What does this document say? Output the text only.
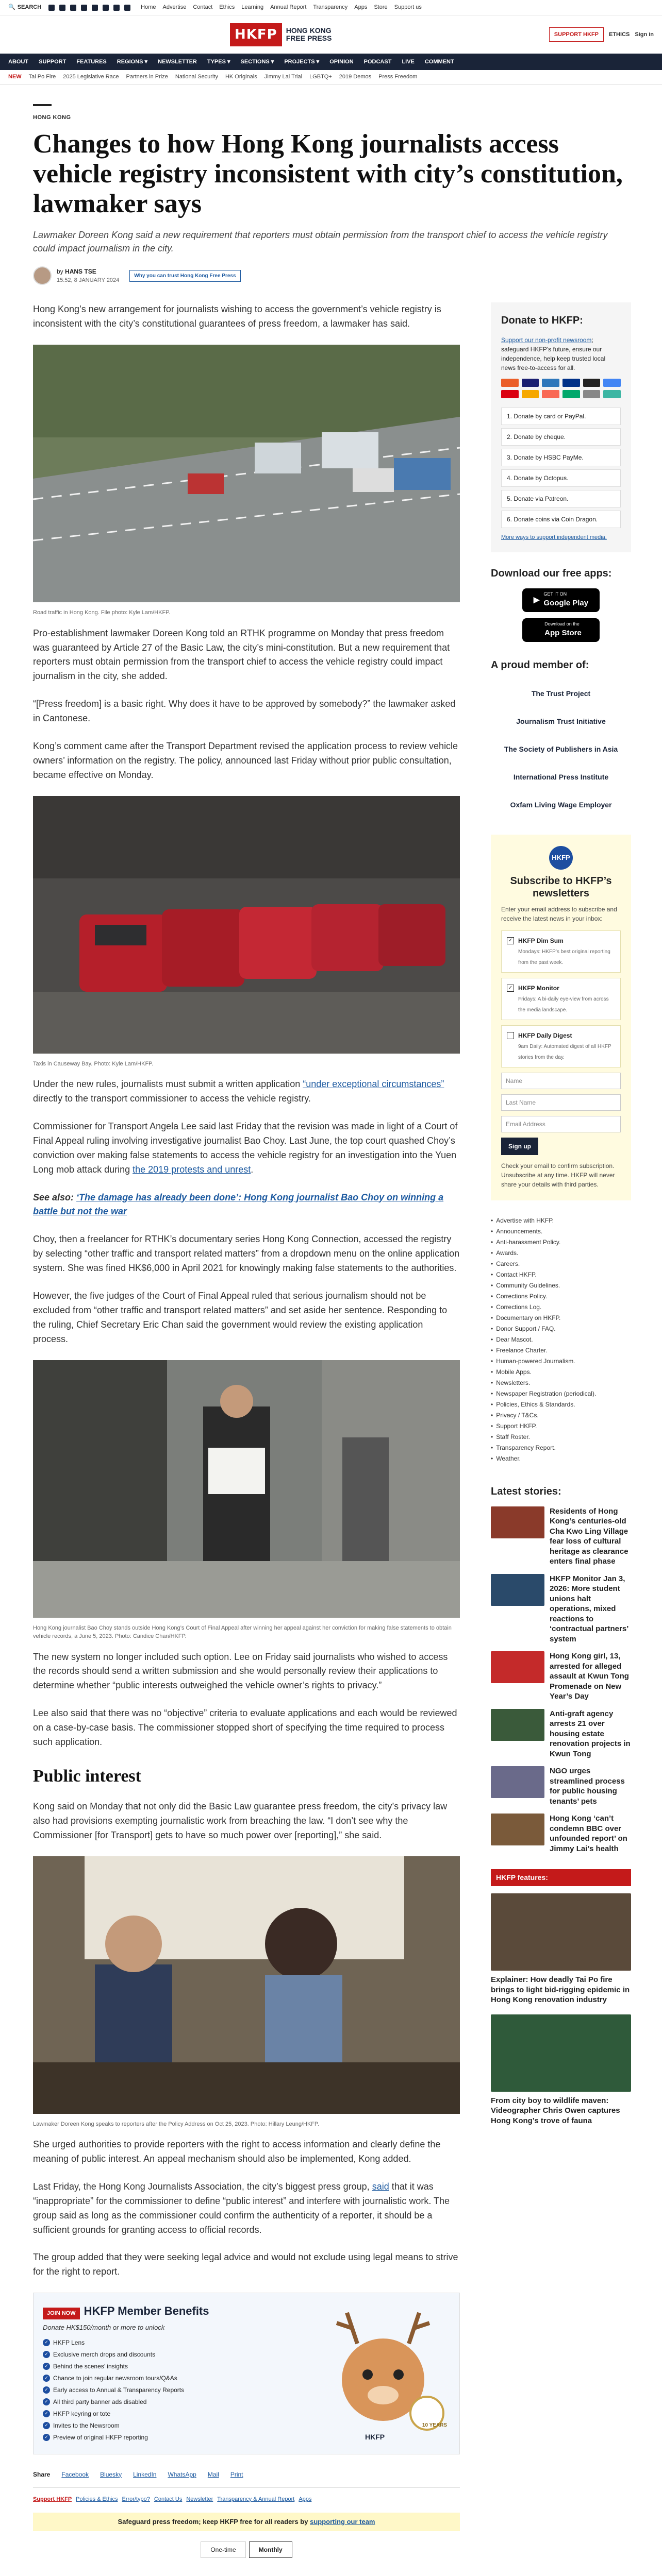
🔍 SEARCH	Home Advertise Contact Ethics Learning Annual Report Transparency Apps Store Support us
HKFP	HONG KONG
FREE PRESS	SUPPORT HKFP	ETHICS Sign in
ABOUT SUPPORT FEATURES REGIONS ▾ NEWSLETTER TYPES ▾ SECTIONS ▾ PROJECTS ▾ OPINION PODCAST LIVE COMMENT
NEW Tai Po Fire 2025 Legislative Race Partners in Prize National Security HK Originals Jimmy Lai Trial LGBTQ+ 2019 Demos Press Freedom
HONG KONG
Changes to how Hong Kong journalists access vehicle registry inconsistent with city’s constitution, lawmaker says
Lawmaker Doreen Kong said a new requirement that reporters must obtain permission from the transport chief to access the vehicle registry could impact journalism in the city.
by HANS TSE
15:52, 8 JANUARY 2024
Why you can trust Hong Kong Free Press

Hong Kong’s new arrangement for journalists wishing to access the government’s vehicle registry is inconsistent with the city’s constitutional guarantees of press freedom, a lawmaker has said.

Road traffic in Hong Kong. File photo: Kyle Lam/HKFP.

Pro-establishment lawmaker Doreen Kong told an RTHK programme on Monday that press freedom was guaranteed by Article 27 of the Basic Law, the city’s mini-constitution. But a new requirement that reporters must obtain permission from the transport chief to access the vehicle registry could impact journalism in the city, she added.

“[Press freedom] is a basic right. Why does it have to be approved by somebody?” the lawmaker asked in Cantonese.

Kong’s comment came after the Transport Department revised the application process to review vehicle owners’ information on the registry. The policy, announced last Friday without prior public consultation, became effective on Monday.

Taxis in Causeway Bay. Photo: Kyle Lam/HKFP.

Under the new rules, journalists must submit a written application “under exceptional circumstances” directly to the transport commissioner to access the vehicle registry.

Commissioner for Transport Angela Lee said last Friday that the revision was made in light of a Court of Final Appeal ruling involving investigative journalist Bao Choy. Last June, the top court quashed Choy’s conviction over making false statements to access the vehicle registry for an investigation into the Yuen Long mob attack during the 2019 protests and unrest.

See also: ‘The damage has already been done’: Hong Kong journalist Bao Choy on winning a battle but not the war

Choy, then a freelancer for RTHK’s documentary series Hong Kong Connection, accessed the registry by selecting “other traffic and transport related matters” from a dropdown menu on the online application system. She was fined HK$6,000 in April 2021 for knowingly making false statements to the authorities.

However, the five judges of the Court of Final Appeal ruled that serious journalism should not be excluded from “other traffic and transport related matters” and set aside her sentence. Responding to the ruling, Chief Secretary Eric Chan said the government would review the existing application process.

Hong Kong journalist Bao Choy stands outside Hong Kong’s Court of Final Appeal after winning her appeal against her conviction for making false statements to obtain vehicle records, a June 5, 2023. Photo: Candice Chan/HKFP.

The new system no longer included such option. Lee on Friday said journalists who wished to access the records should send a written submission and she would personally review their applications to determine whether “public interests outweighed the vehicle owner’s rights to privacy.”

Lee also said that there was no “objective” criteria to evaluate applications and each would be reviewed on a case-by-case basis. The commissioner stopped short of specifying the time required to process such application.

Public interest

Kong said on Monday that not only did the Basic Law guarantee press freedom, the city’s privacy law also had provisions exempting journalistic work from breaching the law. “I don’t see why the Commissioner [for Transport] gets to have so much power over [reporting],” she said.

Lawmaker Doreen Kong speaks to reporters after the Policy Address on Oct 25, 2023. Photo: Hillary Leung/HKFP.

She urged authorities to provide reporters with the right to access information and clearly define the meaning of public interest. An appeal mechanism should also be implemented, Kong added.

Last Friday, the Hong Kong Journalists Association, the city’s biggest press group, said that it was “inappropriate” for the commissioner to define “public interest” and interfere with journalistic work. The group said as long as the commissioner could confirm the authenticity of a reporter, it should be a sufficient grounds for granting access to official records.

The group added that they were seeking legal advice and would not exclude using legal means to strive for the right to report.

JOIN NOW HKFP Member Benefits
Donate HK$150/month or more to unlock
✓ HKFP Lens
✓ Exclusive merch drops and discounts
✓ Behind the scenes’ insights
✓ Chance to join regular newsroom tours/Q&As
✓ Early access to Annual & Transparency Reports
✓ All third party banner ads disabled
✓ HKFP keyring or tote
✓ Invites to the Newsroom
✓ Preview of original HKFP reporting
10 YEARS
HKFP
Share Facebook Bluesky LinkedIn WhatsApp Mail Print
Support HKFP Policies & Ethics Error/typo? Contact Us Newsletter Transparency & Annual Report Apps
Safeguard press freedom; keep HKFP free for all readers by supporting our team
One-time	Monthly
Donate to HKFP:
Support our non-profit newsroom; safeguard HKFP’s future, ensure our independence, help keep trusted local news free-to-access for all.
1. Donate by card or PayPal.
2. Donate by cheque.
3. Donate by HSBC PayMe.
4. Donate by Octopus.
5. Donate via Patreon.
6. Donate coins via Coin Dragon.
More ways to support independent media.
Download our free apps:
▶
GET IT ON
Google Play
Download on the
App Store
A proud member of:
The Trust Project
Journalism Trust Initiative
The Society of Publishers in Asia
International Press Institute
Oxfam Living Wage Employer
HKFP
Subscribe to HKFP’s newsletters

Enter your email address to subscribe and receive the latest news in your inbox:

✓ HKFP Dim Sum
Mondays: HKFP’s best original reporting from the past week.
✓ HKFP Monitor
Fridays: A bi-daily eye-view from across the media landscape.
HKFP Daily Digest
9am Daily: Automated digest of all HKFP stories from the day.
Name
Last Name
Email Address
Sign up

Check your email to confirm subscription. Unsubscribe at any time. HKFP will never share your details with third parties.

• Advertise with HKFP.
• Announcements.
• Anti-harassment Policy.
• Awards.
• Careers.
• Contact HKFP.
• Community Guidelines.
• Corrections Policy.
• Corrections Log.
• Documentary on HKFP.
• Donor Support / FAQ.
• Dear Mascot.
• Freelance Charter.
• Human-powered Journalism.
• Mobile Apps.
• Newsletters.
• Newspaper Registration (periodical).
• Policies, Ethics & Standards.
• Privacy / T&Cs.
• Support HKFP.
• Staff Roster.
• Transparency Report.
• Weather.
Latest stories:
Residents of Hong Kong’s centuries-old Cha Kwo Ling Village fear loss of cultural heritage as clearance enters final phase
HKFP Monitor Jan 3, 2026: More student unions halt operations, mixed reactions to ‘contractual partners’ system
Hong Kong girl, 13, arrested for alleged assault at Kwun Tong Promenade on New Year’s Day
Anti-graft agency arrests 21 over housing estate renovation projects in Kwun Tong
NGO urges streamlined process for public housing tenants’ pets
Hong Kong ‘can’t condemn BBC over unfounded report’ on Jimmy Lai’s health
HKFP features:
Explainer: How deadly Tai Po fire brings to light bid-rigging epidemic in Hong Kong renovation industry
From city boy to wildlife maven: Videographer Chris Owen captures Hong Kong’s trove of fauna
